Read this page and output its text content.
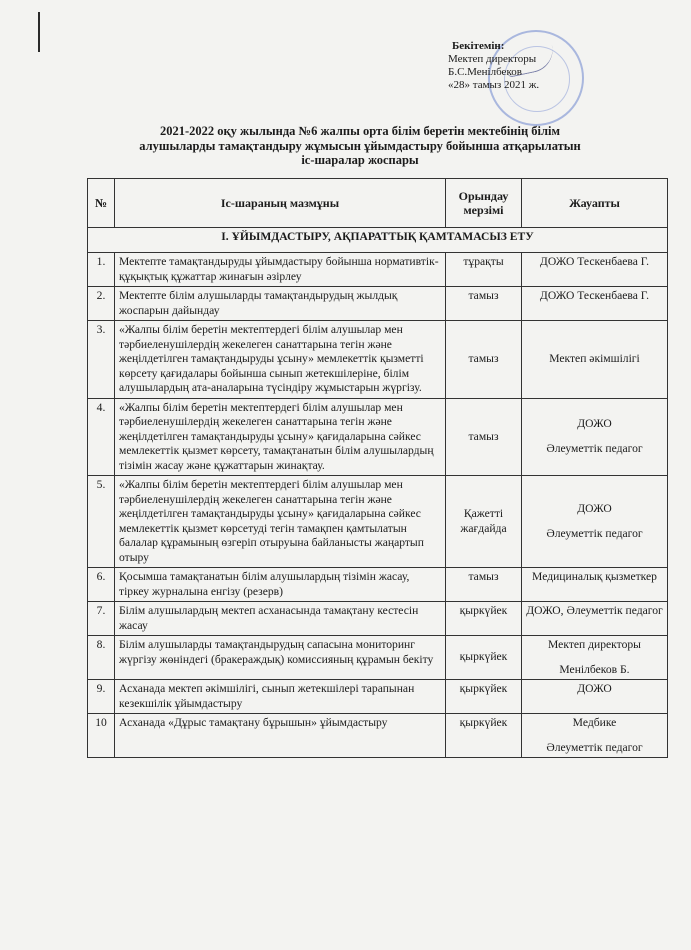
Бекітемін:
Мектеп директоры
Б.С.Менілбеков
«28» тамыз 2021 ж.
2021-2022 оқу жылында №6 жалпы орта білім беретін мектебінің білім
алушыларды тамақтандыру жұмысын ұйымдастыру бойынша атқарылатын
іс-шаралар жоспары
№	Іс-шараның мазмұны	Орындау мерзімі	Жауапты
І. ҰЙЫМДАСТЫРУ, АҚПАРАТТЫҚ ҚАМТАМАСЫЗ ЕТУ			
1.	Мектепте тамақтандыруды ұйымдастыру бойынша нормативтік-құқықтық құжаттар жинағын әзірлеу	тұрақты	ДОЖО Тескенбаева Г.

2.	Мектепте білім алушыларды тамақтандырудың жылдық жоспарын дайындау	тамыз	ДОЖО Тескенбаева Г.

3.	«Жалпы білім беретін мектептердегі білім алушылар мен тәрбиеленушілердің жекелеген санаттарына тегін және жеңілдетілген тамақтандыруды ұсыну» мемлекеттік қызметті көрсету қағидалары бойынша сынып жетекшілеріне, білім алушылардың ата-аналарына түсіндіру жұмыстарын жүргізу.	тамыз	Мектеп әкімшілігі

4.	«Жалпы білім беретін мектептердегі білім алушылар мен тәрбиеленушілердің жекелеген санаттарына тегін және жеңілдетілген тамақтандыруды ұсыну» қағидаларына сәйкес мемлекеттік қызмет көрсету, тамақтанатын білім алушылардың тізімін жасау және құжаттарын жинақтау.	тамыз	ДОЖО
Әлеуметтік педагог

5.	«Жалпы білім беретін мектептердегі білім алушылар мен тәрбиеленушілердің жекелеген санаттарына тегін және жеңілдетілген тамақтандыруды ұсыну» қағидаларына сәйкес мемлекеттік қызмет көрсетуді тегін тамақпен қамтылатын балалар құрамының өзгеріп отыруына байланысты жаңартып отыру	Қажетті жағдайда	ДОЖО
Әлеуметтік педагог

6.	Қосымша тамақтанатын білім алушылардың тізімін жасау, тіркеу журналына енгізу (резерв)	тамыз	Медициналық қызметкер

7.	Білім алушылардың мектеп асханасында тамақтану кестесін жасау	қыркүйек	ДОЖО, Әлеуметтік педагог

8.	Білім алушыларды тамақтандырудың сапасына мониторинг жүргізу жөніндегі (бракераждық) комиссияның құрамын бекіту	қыркүйек	Мектеп директоры
Менілбеков Б.

9.	Асханада мектеп әкімшілігі, сынып жетекшілері тарапынан кезекшілік ұйымдастыру	қыркүйек	ДОЖО

10	Асханада «Дұрыс тамақтану бұрышын» ұйымдастыру	қыркүйек	Медбике
Әлеуметтік педагог
